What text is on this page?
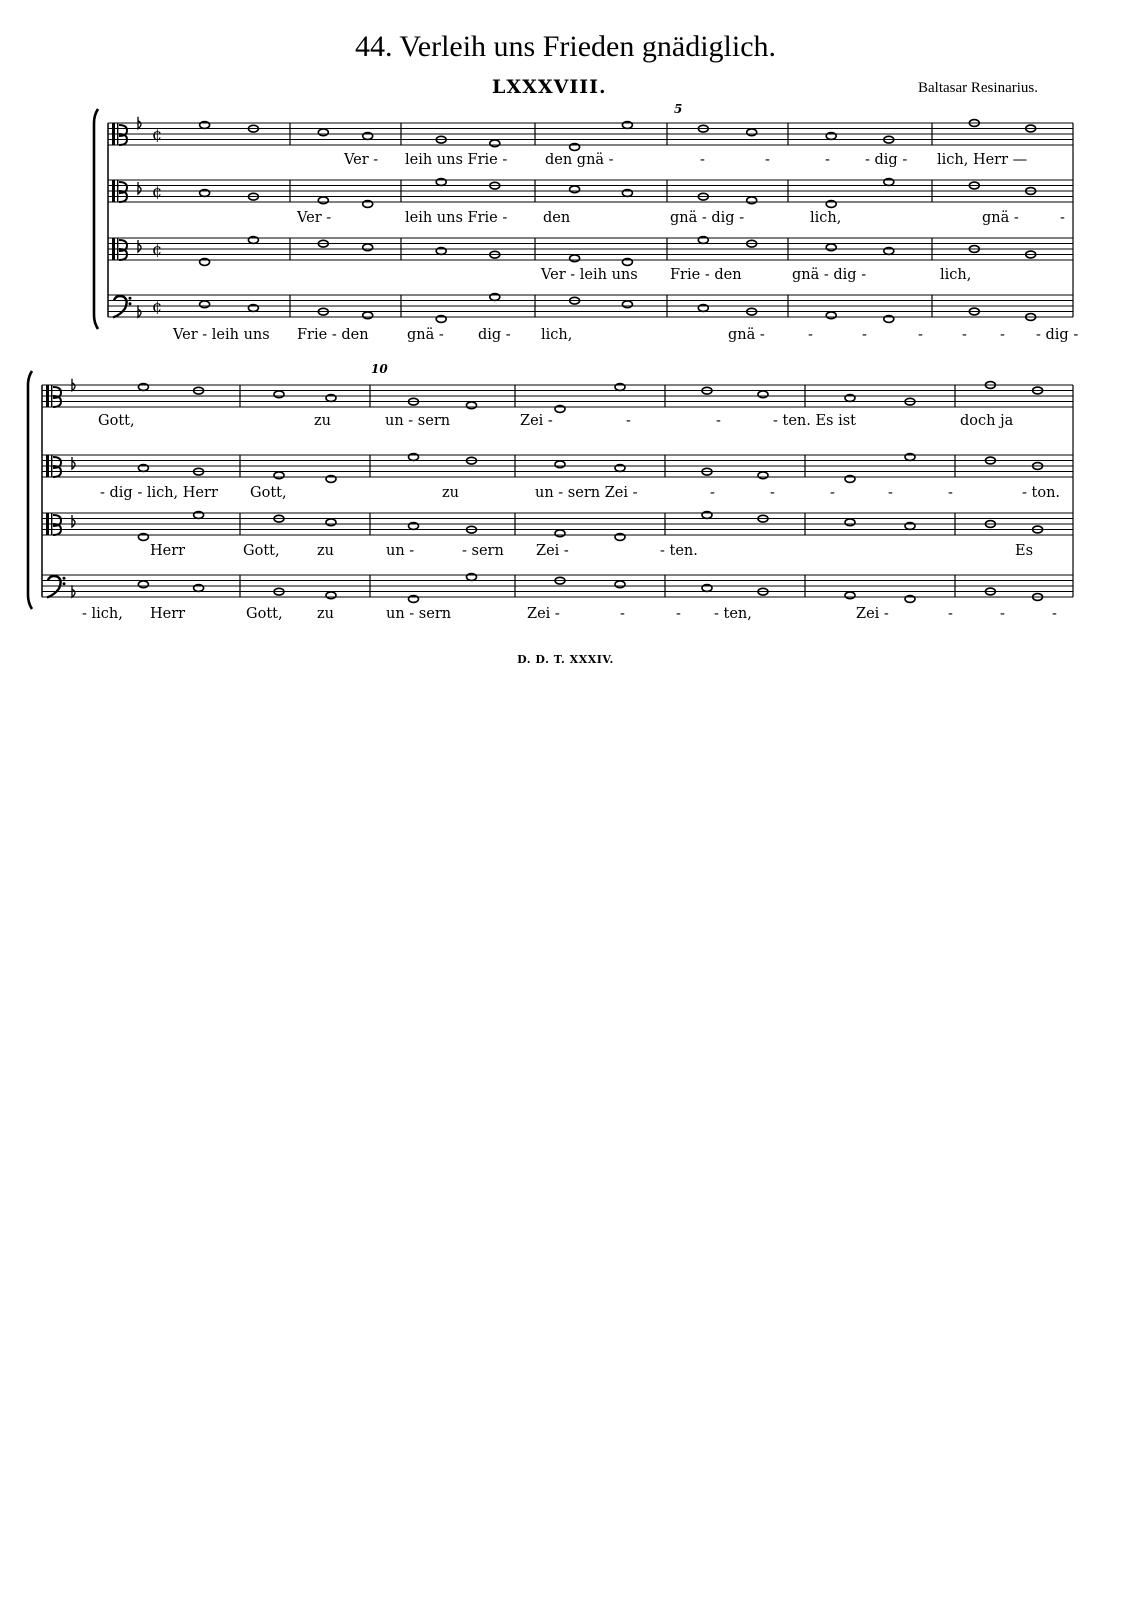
44. Verleih uns Frieden gnädiglich.
LXXXVIII.	Baltasar Resinarius.
5
10
¢
¢
¢
¢
Ver - leih uns Frie -	den gnä -	-	-	- - dig - lich, Herr —
Ver -	leih uns Frie - den	gnä - dig -	lich,	gnä -	-
Ver - leih uns Frie - den	gnä - dig -	lich,
Ver - leih uns Frie - den	gnä - dig - lich,	gnä -	-	-	-	- - - dig -
Gott,	zu	un - sern	Zei -	-	-	- ten. Es ist	doch ja
- dig - lich, Herr Gott,	zu	un - sern Zei -	-	-	-	-	-	- ton.
Herr	Gott,	zu	un -	- sern Zei -	- ten.	Es
- lich, Herr	Gott, zu	un - sern	Zei -	-	- - ten,	Zei -	-	-	-
D. D. T. XXXIV.
